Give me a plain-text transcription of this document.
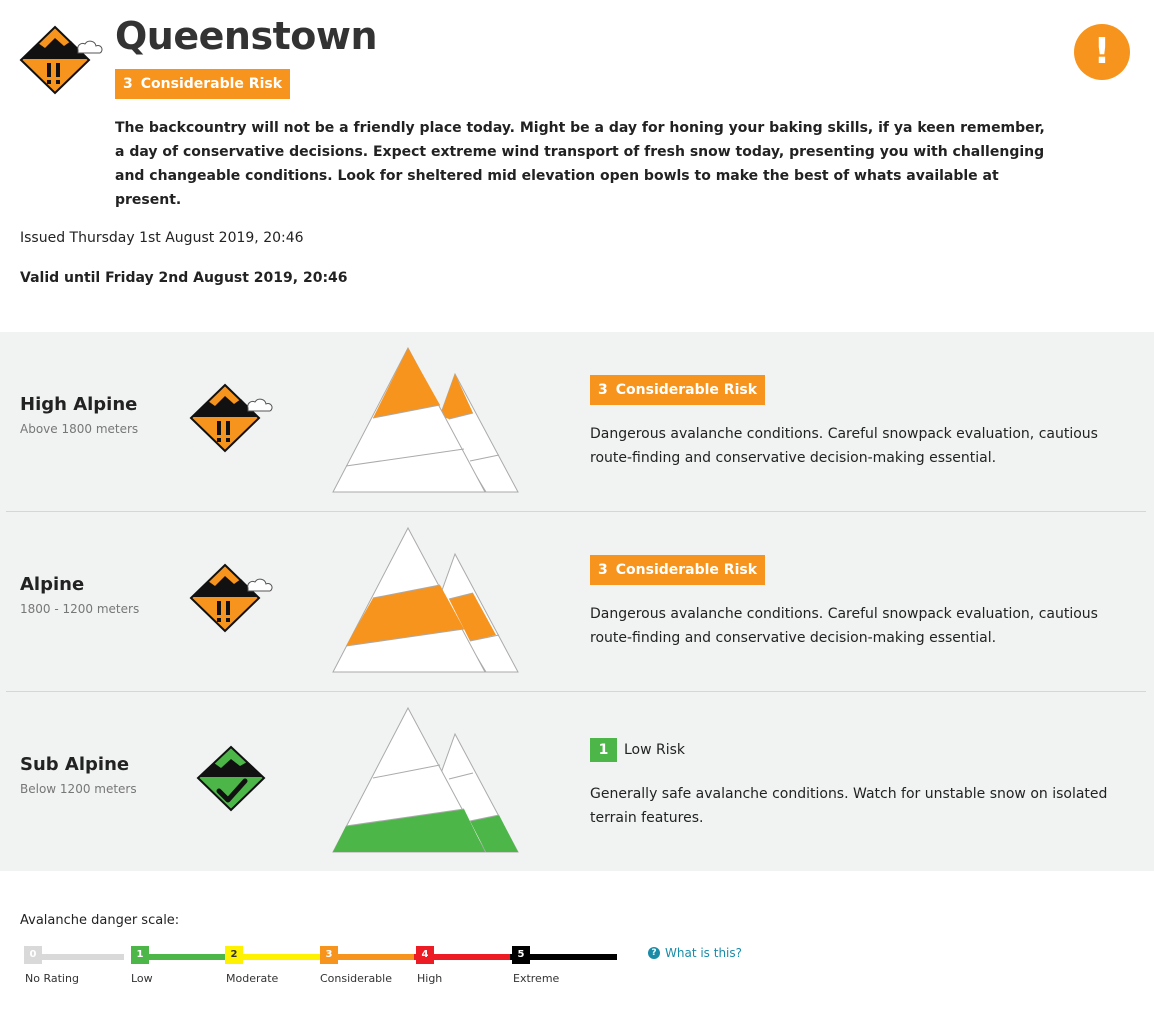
Queenstown
3 Considerable Risk

The backcountry will not be a friendly place today. Might be a day for honing your baking skills, if ya keen remember, a day of conservative decisions. Expect extreme wind transport of fresh snow today, presenting you with challenging and changeable conditions. Look for sheltered mid elevation open bowls to make the best of whats available at present.

!
Issued Thursday 1st August 2019, 20:46
Valid until Friday 2nd August 2019, 20:46
High Alpine
Above 1800 meters
3 Considerable Risk

Dangerous avalanche conditions. Careful snowpack evaluation, cautious route-finding and conservative decision-making essential.

Alpine
1800 - 1200 meters
3 Considerable Risk

Dangerous avalanche conditions. Careful snowpack evaluation, cautious route-finding and conservative decision-making essential.

Sub Alpine
Below 1200 meters
1	Low Risk

Generally safe avalanche conditions. Watch for unstable snow on isolated terrain features.

Avalanche danger scale:
0	1	2	3	4	5
No Rating	Low	Moderate	Considerable High	Extreme
? What is this?
